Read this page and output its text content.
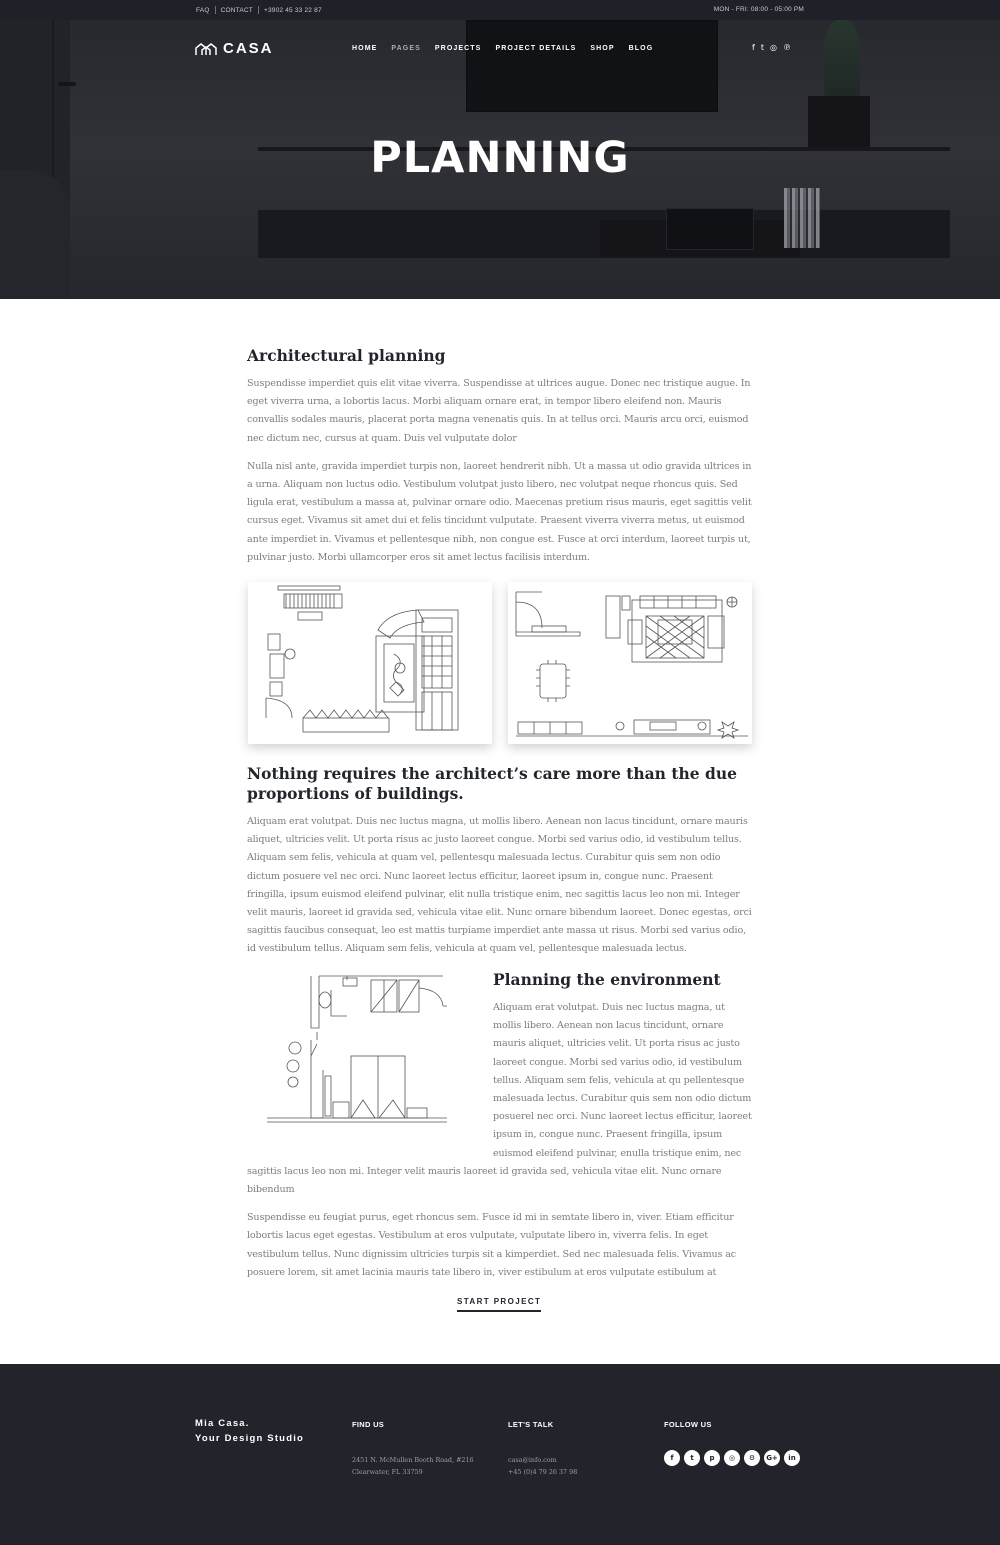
FAQ CONTACT +3902 45 33 22 87	MON - FRI: 08:00 - 05:00 PM
CASA	HOME PAGES PROJECTS PROJECT DETAILS SHOP BLOG	f t ◎ ℗
PLANNING
Architectural planning

Suspendisse imperdiet quis elit vitae viverra. Suspendisse at ultrices augue. Donec nec tristique augue. In eget viverra urna, a lobortis lacus. Morbi aliquam ornare erat, in tempor libero eleifend non. Mauris convallis sodales mauris, placerat porta magna venenatis quis. In at tellus orci. Mauris arcu orci, euismod nec dictum nec, cursus at quam. Duis vel vulputate dolor

Nulla nisl ante, gravida imperdiet turpis non, laoreet hendrerit nibh. Ut a massa ut odio gravida ultrices in a urna. Aliquam non luctus odio. Vestibulum volutpat justo libero, nec volutpat neque rhoncus quis. Sed ligula erat, vestibulum a massa at, pulvinar ornare odio. Maecenas pretium risus mauris, eget sagittis velit cursus eget. Vivamus sit amet dui et felis tincidunt vulputate. Praesent viverra viverra metus, ut euismod ante imperdiet in. Vivamus et pellentesque nibh, non congue est. Fusce at orci interdum, laoreet turpis ut, pulvinar justo. Morbi ullamcorper eros sit amet lectus facilisis interdum.

Nothing requires the architect’s care more than the due proportions of buildings.

Aliquam erat volutpat. Duis nec luctus magna, ut mollis libero. Aenean non lacus tincidunt, ornare mauris aliquet, ultricies velit. Ut porta risus ac justo laoreet congue. Morbi sed varius odio, id vestibulum tellus. Aliquam sem felis, vehicula at quam vel, pellentesqu malesuada lectus. Curabitur quis sem non odio dictum posuere vel nec orci. Nunc laoreet lectus efficitur, laoreet ipsum in, congue nunc. Praesent fringilla, ipsum euismod eleifend pulvinar, elit nulla tristique enim, nec sagittis lacus leo non mi. Integer velit mauris, laoreet id gravida sed, vehicula vitae elit. Nunc ornare bibendum laoreet. Donec egestas, orci sagittis faucibus consequat, leo est mattis turpiame imperdiet ante massa ut risus. Morbi sed varius odio, id vestibulum tellus. Aliquam sem felis, vehicula at quam vel, pellentesque malesuada lectus.

Planning the environment

Aliquam erat volutpat. Duis nec luctus magna, ut mollis libero. Aenean non lacus tincidunt, ornare mauris aliquet, ultricies velit. Ut porta risus ac justo laoreet congue. Morbi sed varius odio, id vestibulum tellus. Aliquam sem felis, vehicula at qu pellentesque malesuada lectus. Curabitur quis sem non odio dictum posuerel nec orci. Nunc laoreet lectus efficitur, laoreet ipsum in, congue nunc. Praesent fringilla, ipsum euismod eleifend pulvinar, enulla tristique enim, nec sagittis lacus leo non mi. Integer velit mauris laoreet id gravida sed, vehicula vitae elit. Nunc ornare bibendum

Suspendisse eu feugiat purus, eget rhoncus sem. Fusce id mi in semtate libero in, viver. Etiam efficitur lobortis lacus eget egestas. Vestibulum at eros vulputate, vulputate libero in, viverra felis. In eget vestibulum tellus. Nunc dignissim ultricies turpis sit a kimperdiet. Sed nec malesuada felis. Vivamus ac posuere lorem, sit amet lacinia mauris tate libero in, viver estibulum at eros vulputate estibulum at

START PROJECT
Mia Casa.
Your Design Studio
FIND US
2451 N. McMullen Booth Road, #216
Clearwater, FL 33759
LET'S TALK
casa@info.com
+45 (0)4 79 26 37 98
FOLLOW US
f	t	p	◎	⚙	G+	in
